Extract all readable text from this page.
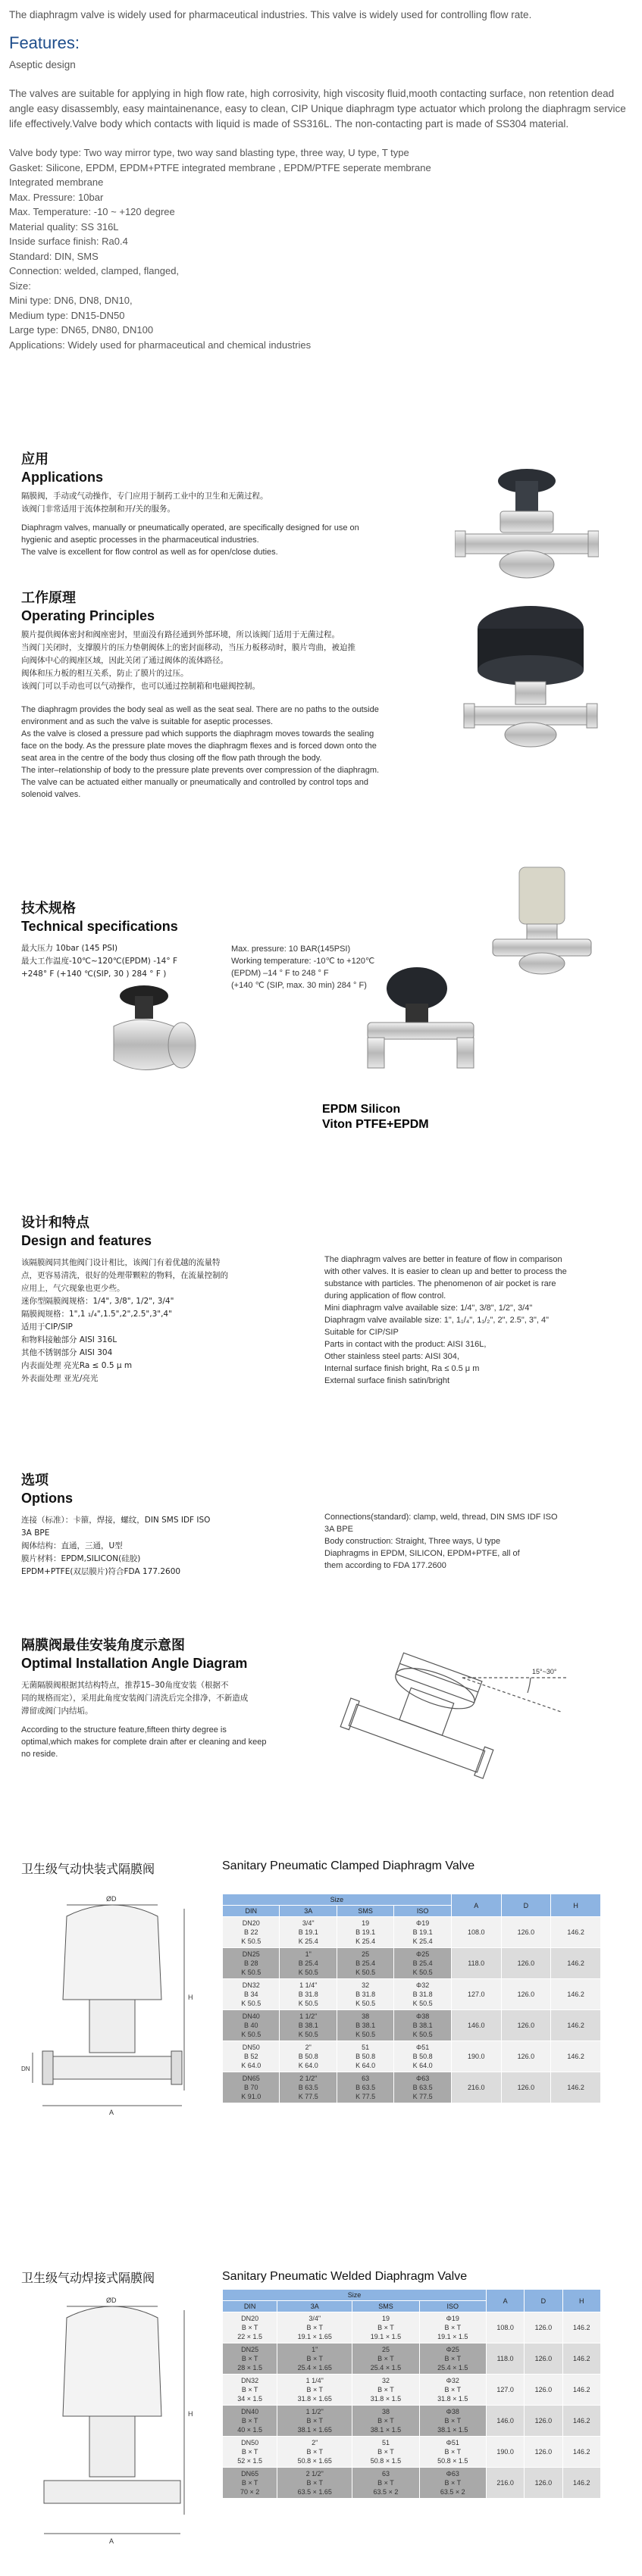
The diaphragm valve is widely used for pharmaceutical industries. This valve is widely used for controlling flow rate.

Features:

Aseptic design

The valves are suitable for applying in high flow rate, high corrosivity, high viscosity fluid,mooth contacting surface, non retention dead angle easy disassembly, easy maintainenance, easy to clean, CIP Unique diaphragm type actuator which prolong the diaphragm service life effectively.Valve body which contacts with liquid is made of SS316L. The non-contacting part is made of SS304 material.

Valve body type: Two way mirror type, two way sand blasting type, three way, U type, T type
Gasket: Silicone, EPDM, EPDM+PTFE integrated membrane , EPDM/PTFE seperate membrane
Integrated membrane
Max. Pressure: 10bar
Max. Temperature: -10 ~ +120 degree
Material quality: SS 316L
Inside surface finish: Ra0.4
Standard: DIN, SMS
Connection: welded, clamped, flanged,
Size:
Mini type: DN6, DN8, DN10,
Medium type: DN15-DN50
Large type: DN65, DN80, DN100
Applications: Widely used for pharmaceutical and chemical industries
应用
Applications
隔膜阀，手动或气动操作，专门应用于制药工业中的卫生和无菌过程。
该阀门非常适用于流体控制和开/关的服务。
Diaphragm valves, manually or pneumatically operated, are specifically designed for use on
hygienic and aseptic processes in the pharmaceutical industries.
The valve is excellent for flow control as well as for open/close duties.
工作原理
Operating Principles
膜片提供阀体密封和阀座密封，里面没有路径通到外部环境，所以该阀门适用于无菌过程。
当阀门关闭时，支撑膜片的压力垫朝阀体上的密封面移动，当压力板移动时，膜片弯曲，被迫推
向阀体中心的阀座区域，因此关闭了通过阀体的流体路径。
阀体和压力板的相互关系，防止了膜片的过压。
该阀门可以手动也可以气动操作，也可以通过控制箱和电磁阀控制。
The diaphragm provides the body seal as well as the seat seal. There are no paths to the outside
environment and as such the valve is suitable for aseptic processes.
As the valve is closed a pressure pad which supports the diaphragm moves towards the sealing
face on the body. As the pressure plate moves the diaphragm flexes and is forced down onto the
seat area in the centre of the body thus closing off the flow path through the body.
The inter–relationship of body to the pressure plate prevents over compression of the diaphragm.
The valve can be actuated either manually or pneumatically and controlled by control tops and
solenoid valves.
技术规格
Technical specifications
最大压力 10bar (145 PSI)
最大工作温度-10℃~120℃(EPDM) -14° F
+248° F (+140 ℃(SIP, 30 ) 284 ° F )
Max. pressure: 10 BAR(145PSI)
Working temperature: -10℃ to +120℃
(EPDM) –14 ° F to 248 ° F
(+140 ℃ (SIP, max. 30 min) 284 ° F)
EPDM Silicon
Viton PTFE+EPDM
设计和特点
Design and features
该隔膜阀同其他阀门设计相比，该阀门有着优越的流量特
点，更容易清洗，很好的处理带颗粒的物料，在流量控制的
应用上，气穴现象也更少些。
迷你型隔膜阀规格：1/4", 3/8", 1/2", 3/4"
隔膜阀规格：1",1 ₁/₄",1.5",2",2.5",3",4"
适用于CIP/SIP
和物料接触部分 AISI 316L
其他不锈钢部分 AISI 304
内表面处理 亮光Ra ≤ 0.5 μ m
外表面处理 亚光/亮光
The diaphragm valves are better in feature of flow in comparison
with other valves. It is easier to clean up and better to process the
substance with particles. The phenomenon of air pocket is rare
during application of flow control.
Mini diaphragm valve available size: 1/4", 3/8", 1/2", 3/4"
Diaphragm valve available size: 1", 1₁/₄", 1₁/₂", 2", 2.5", 3", 4"
Suitable for CIP/SIP
Parts in contact with the product: AISI 316L,
Other stainless steel parts: AISI 304,
Internal surface finish bright, Ra ≤ 0.5 μ m
External surface finish satin/bright
选项
Options
连接（标准）：卡箍，焊接，螺纹，DIN SMS IDF ISO
3A BPE
阀体结构：直通，三通，U型
膜片材料：EPDM,SILICON(硅胶)
EPDM+PTFE(双层膜片)符合FDA 177.2600
Connections(standard): clamp, weld, thread, DIN SMS IDF ISO
3A BPE
Body construction: Straight, Three ways, U type
Diaphragms in EPDM, SILICON, EPDM+PTFE, all of
them according to FDA 177.2600
隔膜阀最佳安装角度示意图
Optimal Installation Angle Diagram
无菌隔膜阀根据其结构特点，推荐15–30角度安装（根据不
同的规格而定），采用此角度安装阀门清洗后完全排净，不新造成
滞留或阀门内结垢。
According to the structure feature,fifteen thirty degree is
optimal,which makes for complete drain after er cleaning and keep
no reside.
15°~30°
卫生级气动快装式隔膜阀	Sanitary Pneumatic Clamped Diaphragm Valve
ØD
H
A
DN
Size				A	D	H
DIN	3A	SMS	ISO			
DN20
B 22
K 50.5	3/4"
B 19.1
K 25.4	19
B 19.1
K 25.4	Φ19
B 19.1
K 25.4	108.0	126.0	146.2
DN25
B 28
K 50.5	1"
B 25.4
K 50.5	25
B 25.4
K 50.5	Φ25
B 25.4
K 50.5	118.0	126.0	146.2
DN32
B 34
K 50.5	1 1/4"
B 31.8
K 50.5	32
B 31.8
K 50.5	Φ32
B 31.8
K 50.5	127.0	126.0	146.2
DN40
B 40
K 50.5	1 1/2"
B 38.1
K 50.5	38
B 38.1
K 50.5	Φ38
B 38.1
K 50.5	146.0	126.0	146.2
DN50
B 52
K 64.0	2"
B 50.8
K 64.0	51
B 50.8
K 64.0	Φ51
B 50.8
K 64.0	190.0	126.0	146.2
DN65
B 70
K 91.0	2 1/2"
B 63.5
K 77.5	63
B 63.5
K 77.5	Φ63
B 63.5
K 77.5	216.0	126.0	146.2
卫生级气动焊接式隔膜阀	Sanitary Pneumatic Welded Diaphragm Valve
ØD
H
A
Size				A	D	H
DIN	3A	SMS	ISO			
DN20
B × T
22 × 1.5	3/4"
B × T
19.1 × 1.65	19
B × T
19.1 × 1.5	Φ19
B × T
19.1 × 1.5	108.0	126.0	146.2
DN25
B × T
28 × 1.5	1"
B × T
25.4 × 1.65	25
B × T
25.4 × 1.5	Φ25
B × T
25.4 × 1.5	118.0	126.0	146.2
DN32
B × T
34 × 1.5	1 1/4"
B × T
31.8 × 1.65	32
B × T
31.8 × 1.5	Φ32
B × T
31.8 × 1.5	127.0	126.0	146.2
DN40
B × T
40 × 1.5	1 1/2"
B × T
38.1 × 1.65	38
B × T
38.1 × 1.5	Φ38
B × T
38.1 × 1.5	146.0	126.0	146.2
DN50
B × T
52 × 1.5	2"
B × T
50.8 × 1.65	51
B × T
50.8 × 1.5	Φ51
B × T
50.8 × 1.5	190.0	126.0	146.2
DN65
B × T
70 × 2	2 1/2"
B × T
63.5 × 1.65	63
B × T
63.5 × 2	Φ63
B × T
63.5 × 2	216.0	126.0	146.2
